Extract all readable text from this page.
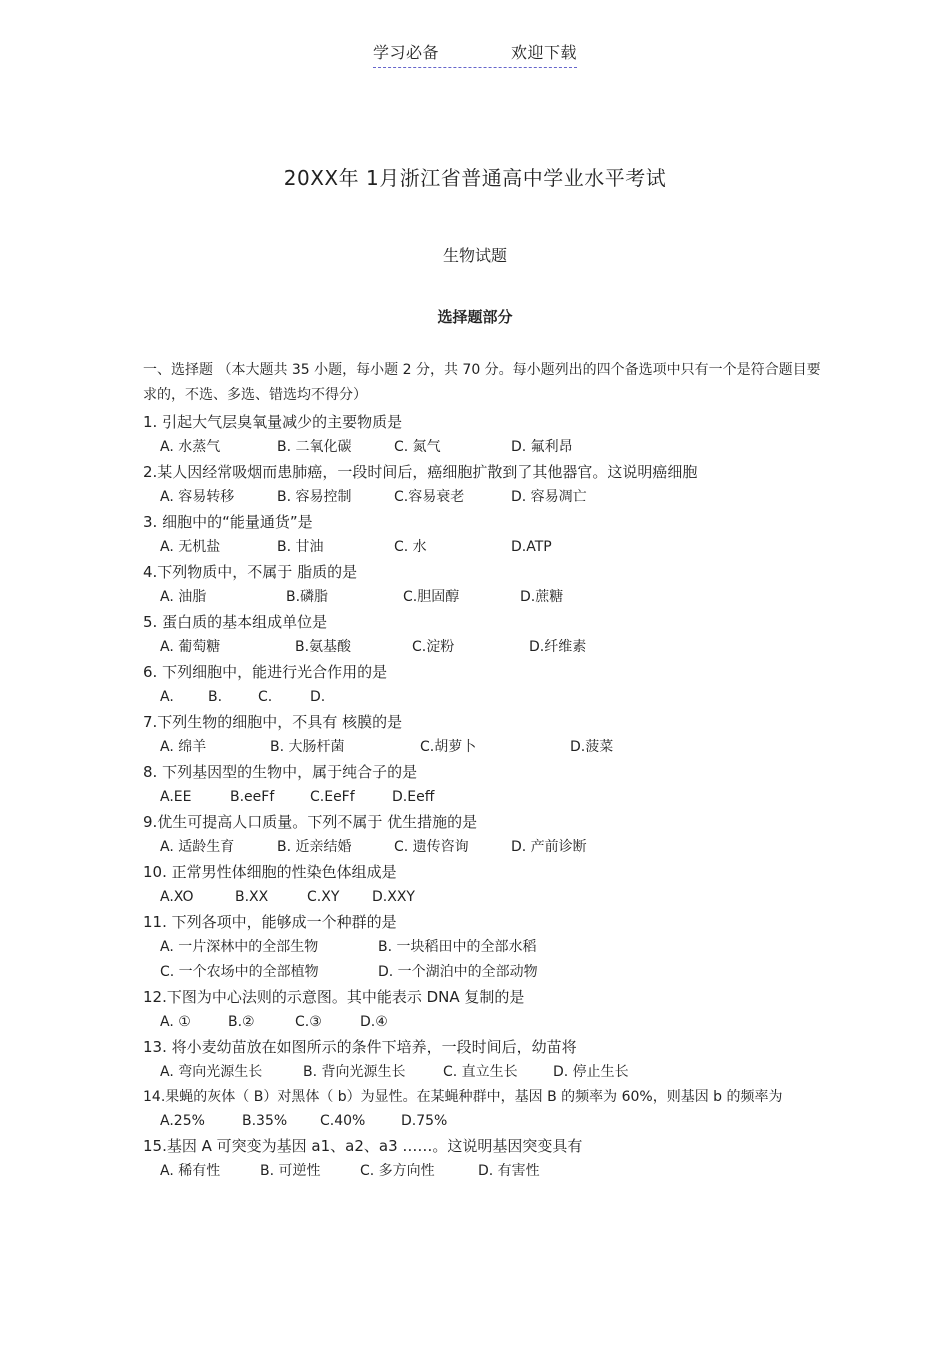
学习必备	欢迎下载
20XX年 1月浙江省普通高中学业水平考试
生物试题
选择题部分
一、选择题 （本大题共 35 小题，每小题 2 分，共 70 分。每小题列出的四个备选项中只有一个是符合题目要求的，不选、多选、错选均不得分）
1. 引起大气层臭氧量减少的主要物质是
A. 水蒸气	B. 二氧化碳	C. 氮气	D. 氟利昂
2.某人因经常吸烟而患肺癌，一段时间后，癌细胞扩散到了其他器官。这说明癌细胞
A. 容易转移	B. 容易控制	C.容易衰老	D. 容易凋亡
3. 细胞中的“能量通货”是
A. 无机盐	B. 甘油	C. 水	D.ATP
4.下列物质中，不属于 脂质的是
A. 油脂	B.磷脂	C.胆固醇	D.蔗糖
5. 蛋白质的基本组成单位是
A. 葡萄糖	B.氨基酸	C.淀粉	D.纤维素
6. 下列细胞中，能进行光合作用的是
A. B.	C.	D.
7.下列生物的细胞中，不具有 核膜的是
A. 绵羊	B. 大肠杆菌	C.胡萝卜	D.菠菜
8. 下列基因型的生物中，属于纯合子的是
A.EE	B.eeFf	C.EeFf	D.Eeff
9.优生可提高人口质量。下列不属于 优生措施的是
A. 适龄生育	B. 近亲结婚	C. 遗传咨询	D. 产前诊断
10. 正常男性体细胞的性染色体组成是
A.XO	B.XX	C.XY D.XXY
11. 下列各项中，能够成一个种群的是
A. 一片深林中的全部生物	B. 一块稻田中的全部水稻
C. 一个农场中的全部植物	D. 一个湖泊中的全部动物
12.下图为中心法则的示意图。其中能表示 DNA 复制的是
A. ①	B.②	C.③	D.④
13. 将小麦幼苗放在如图所示的条件下培养，一段时间后，幼苗将
A. 弯向光源生长	B. 背向光源生长	C. 直立生长	D. 停止生长
14.果蝇的灰体（ B）对黑体（ b）为显性。在某蝇种群中，基因 B 的频率为 60%，则基因 b 的频率为
A.25%	B.35% C.40%	D.75%
15.基因 A 可突变为基因 a1、a2、a3 ……。这说明基因突变具有
A. 稀有性	B. 可逆性	C. 多方向性	D. 有害性
